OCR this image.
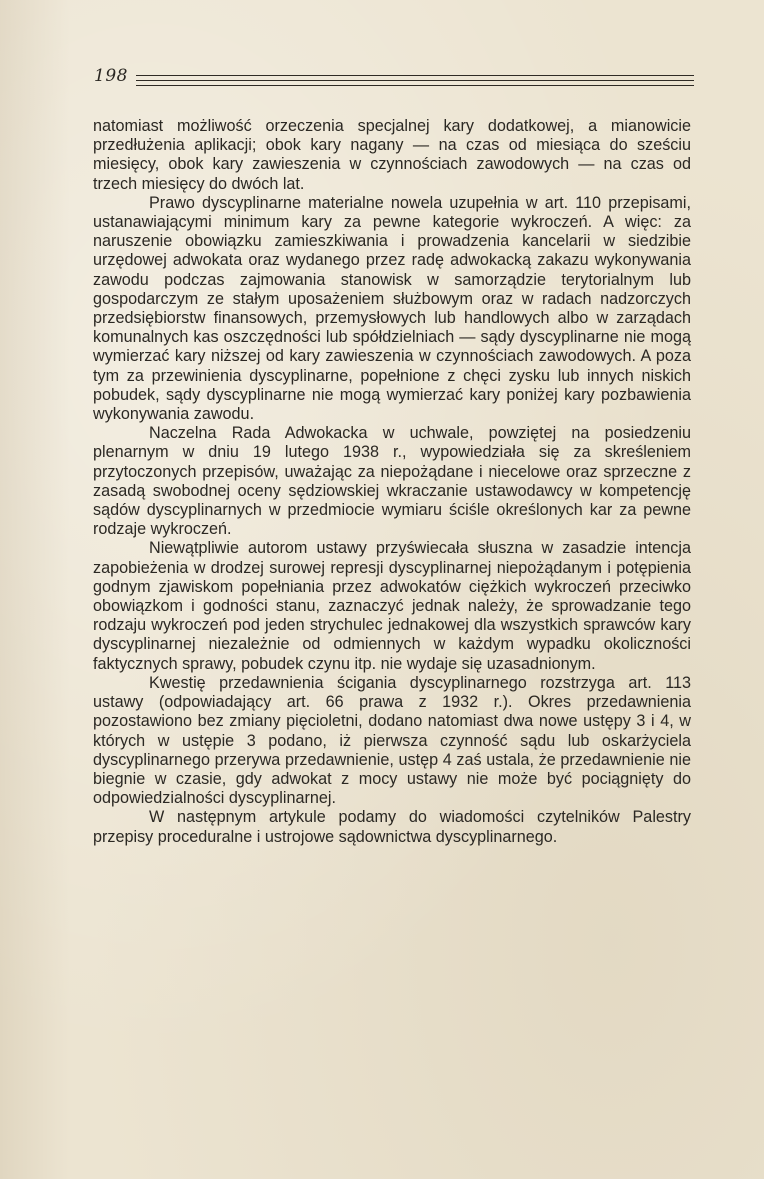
198

natomiast możliwość orzeczenia specjalnej kary dodatkowej, a mianowicie przedłużenia aplikacji; obok kary nagany — na czas od miesiąca do sześciu miesięcy, obok kary zawieszenia w czynnościach zawodowych — na czas od trzech miesięcy do dwóch lat.

Prawo dyscyplinarne materialne nowela uzupełnia w art. 110 przepisami, ustanawiającymi minimum kary za pewne kategorie wykroczeń. A więc: za naruszenie obowiązku zamieszkiwania i prowadzenia kancelarii w siedzibie urzędowej adwokata oraz wydanego przez radę adwokacką zakazu wykonywania zawodu podczas zajmowania stanowisk w samorządzie terytorialnym lub gospodarczym ze stałym uposażeniem służbowym oraz w radach nadzorczych przedsiębiorstw finansowych, przemysłowych lub handlowych albo w zarządach komunalnych kas oszczędności lub spółdzielniach — sądy dyscyplinarne nie mogą wymierzać kary niższej od kary zawieszenia w czynnościach zawodowych. A poza tym za przewinienia dyscyplinarne, popełnione z chęci zysku lub innych niskich pobudek, sądy dyscyplinarne nie mogą wymierzać kary poniżej kary pozbawienia wykonywania zawodu.

Naczelna Rada Adwokacka w uchwale, powziętej na posiedzeniu plenarnym w dniu 19 lutego 1938 r., wypowiedziała się za skreśleniem przytoczonych przepisów, uważając za niepożądane i niecelowe oraz sprzeczne z zasadą swobodnej oceny sędziowskiej wkraczanie ustawodawcy w kompetencję sądów dyscyplinarnych w przedmiocie wymiaru ściśle określonych kar za pewne rodzaje wykroczeń.

Niewątpliwie autorom ustawy przyświecała słuszna w zasadzie intencja zapobieżenia w drodzej surowej represji dyscyplinarnej niepożądanym i potępienia godnym zjawiskom popełniania przez adwokatów ciężkich wykroczeń przeciwko obowiązkom i godności stanu, zaznaczyć jednak należy, że sprowadzanie tego rodzaju wykroczeń pod jeden strychulec jednakowej dla wszystkich sprawców kary dyscyplinarnej niezależnie od odmiennych w każdym wypadku okoliczności faktycznych sprawy, pobudek czynu itp. nie wydaje się uzasadnionym.

Kwestię przedawnienia ścigania dyscyplinarnego rozstrzyga art. 113 ustawy (odpowiadający art. 66 prawa z 1932 r.). Okres przedawnienia pozostawiono bez zmiany pięcioletni, dodano natomiast dwa nowe ustępy 3 i 4, w których w ustępie 3 podano, iż pierwsza czynność sądu lub oskarżyciela dyscyplinarnego przerywa przedawnienie, ustęp 4 zaś ustala, że przedawnienie nie biegnie w czasie, gdy adwokat z mocy ustawy nie może być pociągnięty do odpowiedzialności dyscyplinarnej.

W następnym artykule podamy do wiadomości czytelników Palestry przepisy proceduralne i ustrojowe sądownictwa dyscyplinarnego.
